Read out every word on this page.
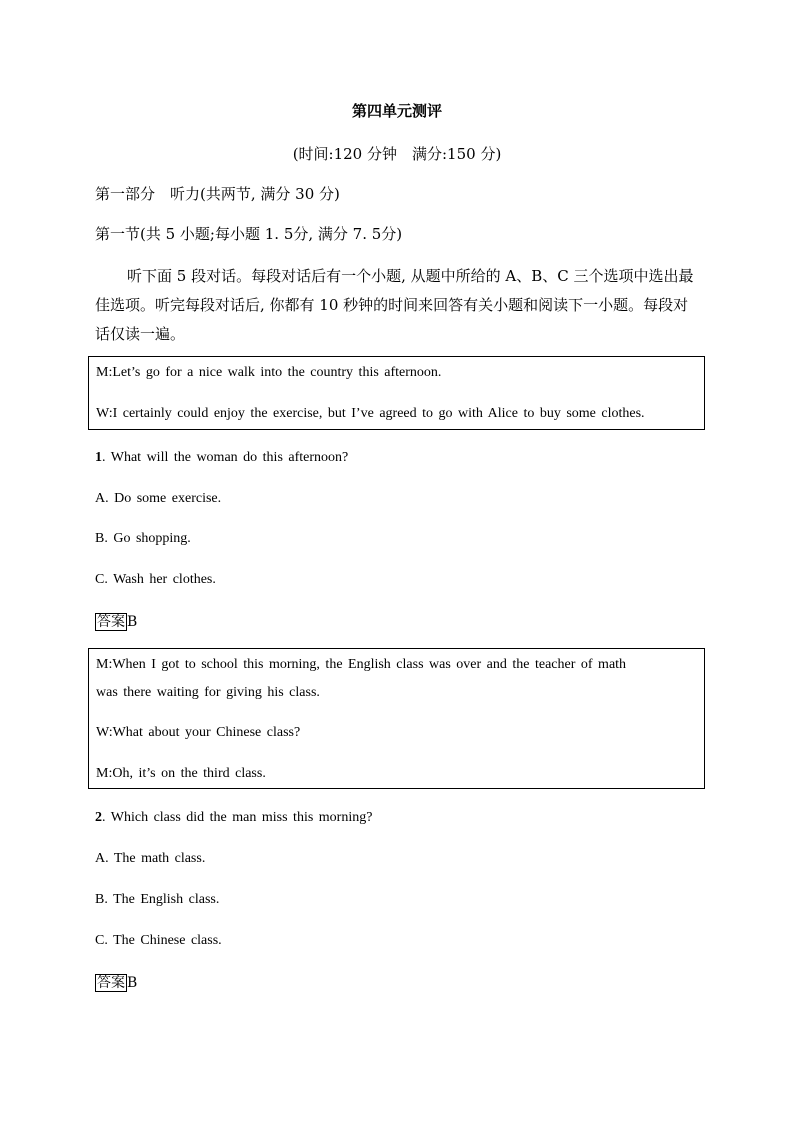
第四单元测评
(时间:120 分钟　满分:150 分)
第一部分　听力(共两节, 满分 30 分)
第一节(共 5 小题;每小题 1. 5分, 满分 7. 5分)
听下面 5 段对话。每段对话后有一个小题, 从题中所给的 A、B、C 三个选项中选出最佳选项。听完每段对话后, 你都有 10 秒钟的时间来回答有关小题和阅读下一小题。每段对话仅读一遍。
M:Let’s go for a nice walk into the country this afternoon.
W:I certainly could enjoy the exercise, but I’ve agreed to go with Alice to buy some clothes.
1. What will the woman do this afternoon?
A. Do some exercise.
B. Go shopping.
C. Wash her clothes.
答案 B
M:When I got to school this morning, the English class was over and the teacher of math
was there waiting for giving his class.
W:What about your Chinese class?
M:Oh, it’s on the third class.
2. Which class did the man miss this morning?
A. The math class.
B. The English class.
C. The Chinese class.
答案 B
